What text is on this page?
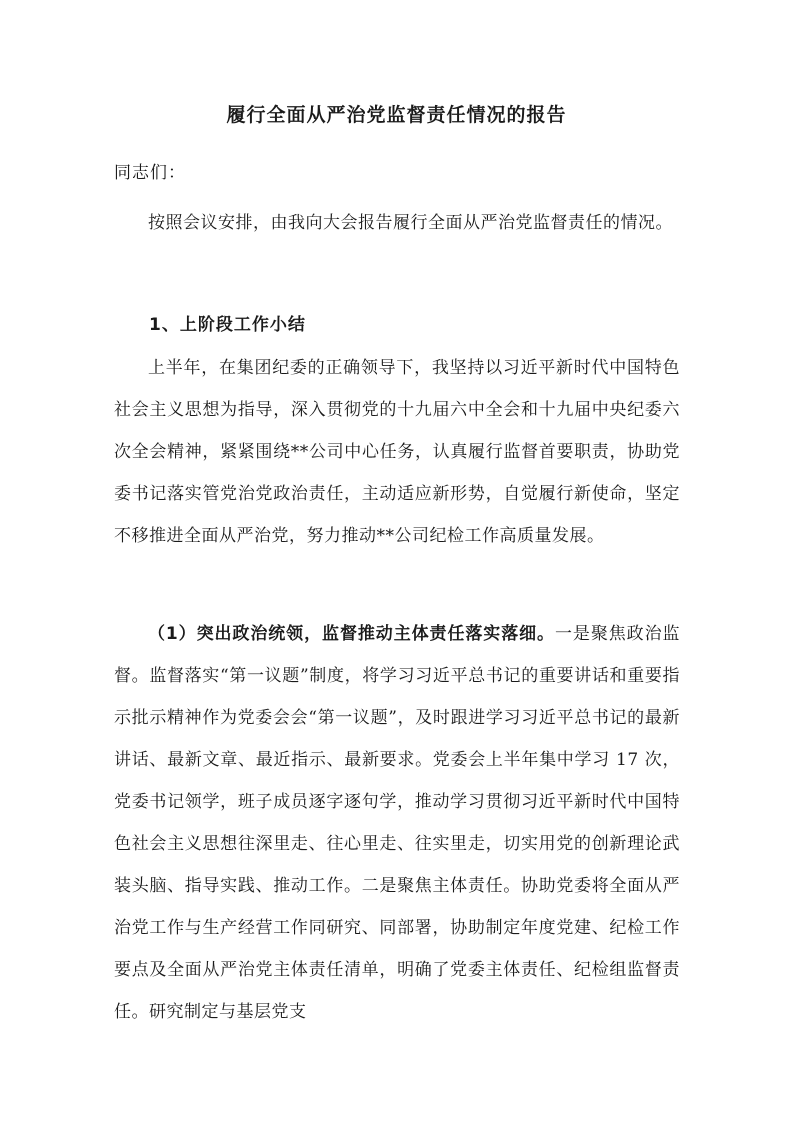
履行全面从严治党监督责任情况的报告
同志们：

按照会议安排，由我向大会报告履行全面从严治党监督责任的情况。

1、上阶段工作小结

上半年，在集团纪委的正确领导下，我坚持以习近平新时代中国特色社会主义思想为指导，深入贯彻党的十九届六中全会和十九届中央纪委六次全会精神，紧紧围绕**公司中心任务，认真履行监督首要职责，协助党委书记落实管党治党政治责任，主动适应新形势，自觉履行新使命，坚定不移推进全面从严治党，努力推动**公司纪检工作高质量发展。

（1）突出政治统领，监督推动主体责任落实落细。一是聚焦政治监督。监督落实“第一议题”制度，将学习习近平总书记的重要讲话和重要指示批示精神作为党委会会“第一议题”，及时跟进学习习近平总书记的最新讲话、最新文章、最近指示、最新要求。党委会上半年集中学习 17 次，党委书记领学，班子成员逐字逐句学，推动学习贯彻习近平新时代中国特色社会主义思想往深里走、往心里走、往实里走，切实用党的创新理论武装头脑、指导实践、推动工作。二是聚焦主体责任。协助党委将全面从严治党工作与生产经营工作同研究、同部署，协助制定年度党建、纪检工作要点及全面从严治党主体责任清单，明确了党委主体责任、纪检组监督责任。研究制定与基层党支
